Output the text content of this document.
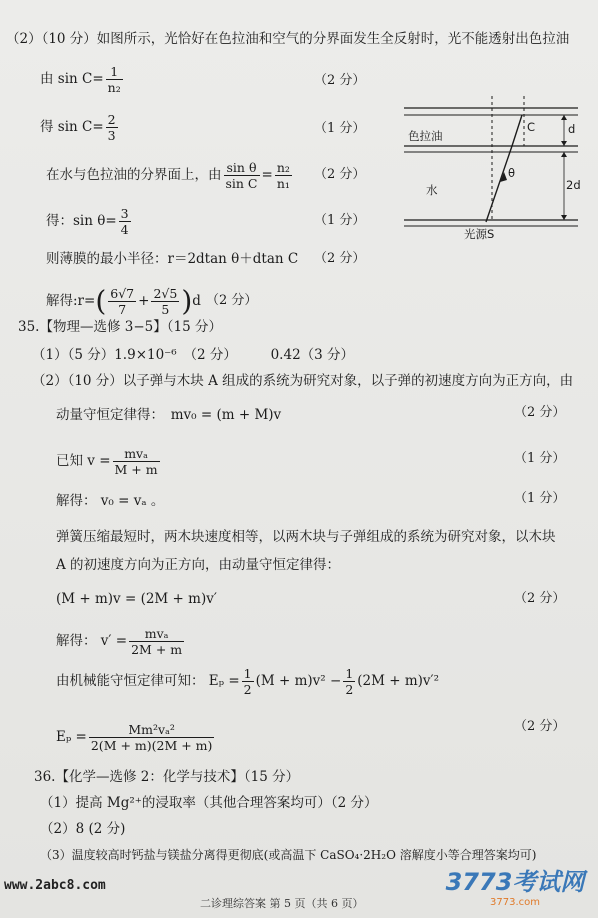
（2）（10 分）如图所示，光恰好在色拉油和空气的分界面发生全反射时，光不能透射出色拉油
由 $\sin C= \frac{1}{\text{n₂}}$	（2 分）
得 $\sin C= \frac{2}{3}$	（1 分）
在水与色拉油的分界面上，由 $\frac{\text{sin θ}}{\text{sin C}} = \frac{\text{n₂}}{\text{n₁}} (2$ 分）
得：$\sin \theta= \frac{3}{4}$	（1 分）
则薄膜的最小半径：r＝2dtan θ＋dtan C （2 分）
解得:r=( $\frac{6√7}{7} + \frac{2√5}{5} )d$ （2 分）
色拉油
水
光源S
C
θ
d
2d
35.【物理—选修 3−5】（15 分）
（1）（5 分）1.9×10⁻⁶　（2 分）　　　0.42（3 分）
（2）（10 分）以子弹与木块 A 组成的系统为研究对象，以子弹的初速度方向为正方向，由
动量守恒定律得：　mv₀ = (m + M)v	（2 分）
已知 $v = \frac{\text{mvₐ}}{M + m}$	（1 分）
解得： v₀ = vₐ 。	（1 分）
弹簧压缩最短时，两木块速度相等，以两木块与子弹组成的系统为研究对象，以木块
A 的初速度方向为正方向，由动量守恒定律得：
(M + m)v = (2M + m)v′	（2 分）
解得： $v' = \frac{\text{mvₐ}}{2M + m}$
由机械能守恒定律可知： $E_p = \frac{1}{2} (M + m)v^2 - \frac{1}{2} (2M + m)v'^2$
$E_p = \frac{\text{Mm²vₐ²}}{2(M + m)(2M + m)}$	（2 分）
36.【化学—选修 2：化学与技术】（15 分）
（1）提高 Mg²⁺的浸取率（其他合理答案均可）（2 分）
（2）8 (2 分)
（3）温度较高时钙盐与镁盐分离得更彻底(或高温下 CaSO₄·2H₂O 溶解度小等合理答案均可)
www.2abc8.com
二诊理综答案 第 5 页（共 6 页）
3773考试网
3773.com
